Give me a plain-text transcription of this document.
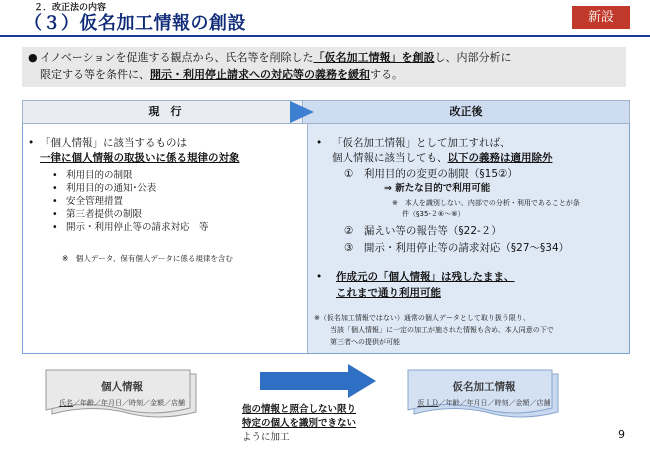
２．改正法の内容
（３）仮名加工情報の創設	新設
● イノベーションを促進する観点から、氏名等を削除した「仮名加工情報」を創設し、内部分析に
限定する等を条件に、開示・利用停止請求への対応等の義務を緩和する。
現　行	改正後
• 「個人情報」に該当するものは
一律に個人情報の取扱いに係る規律の対象
• 利用目的の制限
• 利用目的の通知･公表
• 安全管理措置
• 第三者提供の制限
• 開示・利用停止等の請求対応　等
※　個人データ、保有個人データに係る規律を含む
• 「仮名加工情報」として加工すれば、
個人情報に該当しても、以下の義務は適用除外
①　利用目的の変更の制限（§15②）
⇒ 新たな目的で利用可能
※　本人を識別しない、内部での分析・利用であることが条
件（§35-２⑥〜⑧）
②　漏えい等の報告等（§22-２）
③　開示・利用停止等の請求対応（§27〜§34）
• 作成元の「個人情報」は残したまま、
これまで通り利用可能
※（仮名加工情報ではない）通常の個人データとして取り扱う限り、
当該「個人情報」に一定の加工が施された情報も含め、本人同意の下で
第三者への提供が可能
個人情報
氏名／年齢／年月日／時刻／金額／店舗
他の情報と照合しない限り
特定の個人を識別できない
ように加工
仮名加工情報
仮ＩＤ／年齢／年月日／時刻／金額／店舗
9
